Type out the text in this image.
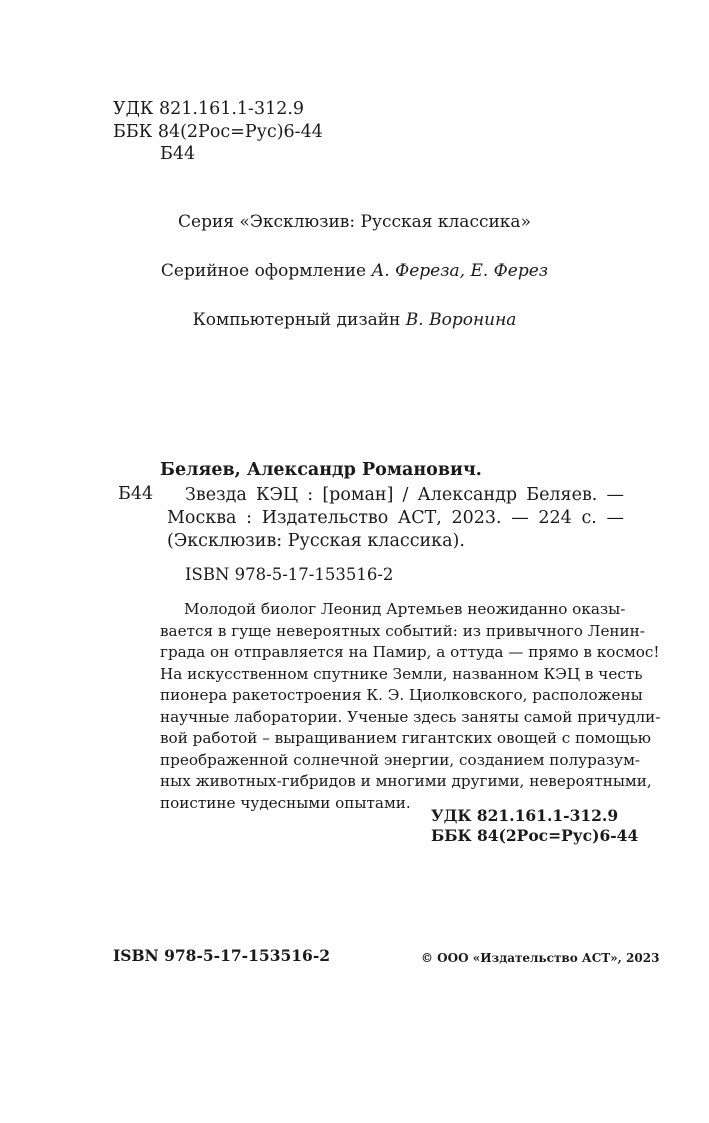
УДК 821.161.1-312.9
ББК 84(2Рос=Рус)6-44
Б44
Серия «Эксклюзив: Русская классика»
Серийное оформление А. Фереза, Е. Ферез
Компьютерный дизайн В. Воронина
Беляев, Александр Романович.
Б44	Звезда КЭЦ : [роман] / Александр Беляев. —
Москва : Издательство АСТ, 2023. — 224 с. —
(Эксклюзив: Русская классика).
ISBN 978-5-17-153516-2
Молодой биолог Леонид Артемьев неожиданно оказы-
вается в гуще невероятных событий: из привычного Ленин-
града он отправляется на Памир, а оттуда — прямо в космос!
На искусственном спутнике Земли, названном КЭЦ в честь
пионера ракетостроения К. Э. Циолковского, расположены
научные лаборатории. Ученые здесь заняты самой причудли-
вой работой – выращиванием гигантских овощей с помощью
преображенной солнечной энергии, созданием полуразум-
ных животных-гибридов и многими другими, невероятными,
поистине чудесными опытами.
УДК 821.161.1-312.9
ББК 84(2Рос=Рус)6-44
ISBN 978-5-17-153516-2	© ООО «Издательство АСТ», 2023
